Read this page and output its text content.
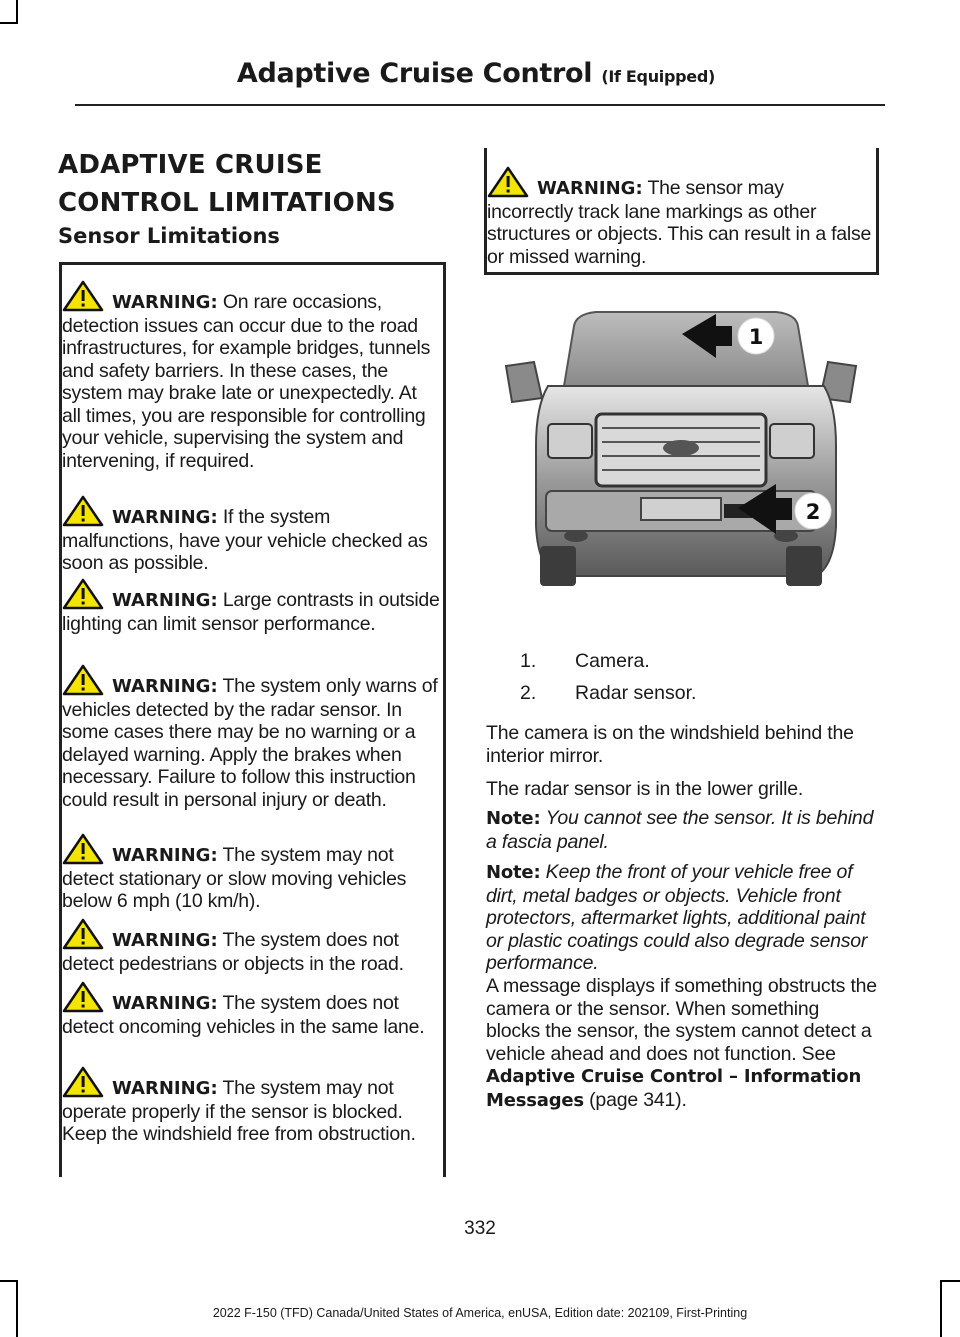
Adaptive Cruise Control (If Equipped)
ADAPTIVE CRUISE CONTROL LIMITATIONS
Sensor Limitations
WARNING: On rare occasions, detection issues can occur due to the road infrastructures, for example bridges, tunnels and safety barriers. In these cases, the system may brake late or unexpectedly. At all times, you are responsible for controlling your vehicle, supervising the system and intervening, if required.
WARNING: If the system malfunctions, have your vehicle checked as soon as possible.
WARNING: Large contrasts in outside lighting can limit sensor performance.
WARNING: The system only warns of vehicles detected by the radar sensor. In some cases there may be no warning or a delayed warning. Apply the brakes when necessary. Failure to follow this instruction could result in personal injury or death.
WARNING: The system may not detect stationary or slow moving vehicles below 6 mph (10 km/h).
WARNING: The system does not detect pedestrians or objects in the road.
WARNING: The system does not detect oncoming vehicles in the same lane.
WARNING: The system may not operate properly if the sensor is blocked. Keep the windshield free from obstruction.
WARNING: The sensor may incorrectly track lane markings as other structures or objects. This can result in a false or missed warning.
1
2
1.	Camera.
2.	Radar sensor.
The camera is on the windshield behind the interior mirror.
The radar sensor is in the lower grille.
Note: You cannot see the sensor. It is behind a fascia panel.
Note: Keep the front of your vehicle free of dirt, metal badges or objects. Vehicle front protectors, aftermarket lights, additional paint or plastic coatings could also degrade sensor performance.
A message displays if something obstructs the camera or the sensor. When something blocks the sensor, the system cannot detect a vehicle ahead and does not function. See Adaptive Cruise Control – Information Messages (page 341).
332
2022 F-150 (TFD) Canada/United States of America, enUSA, Edition date: 202109, First-Printing
